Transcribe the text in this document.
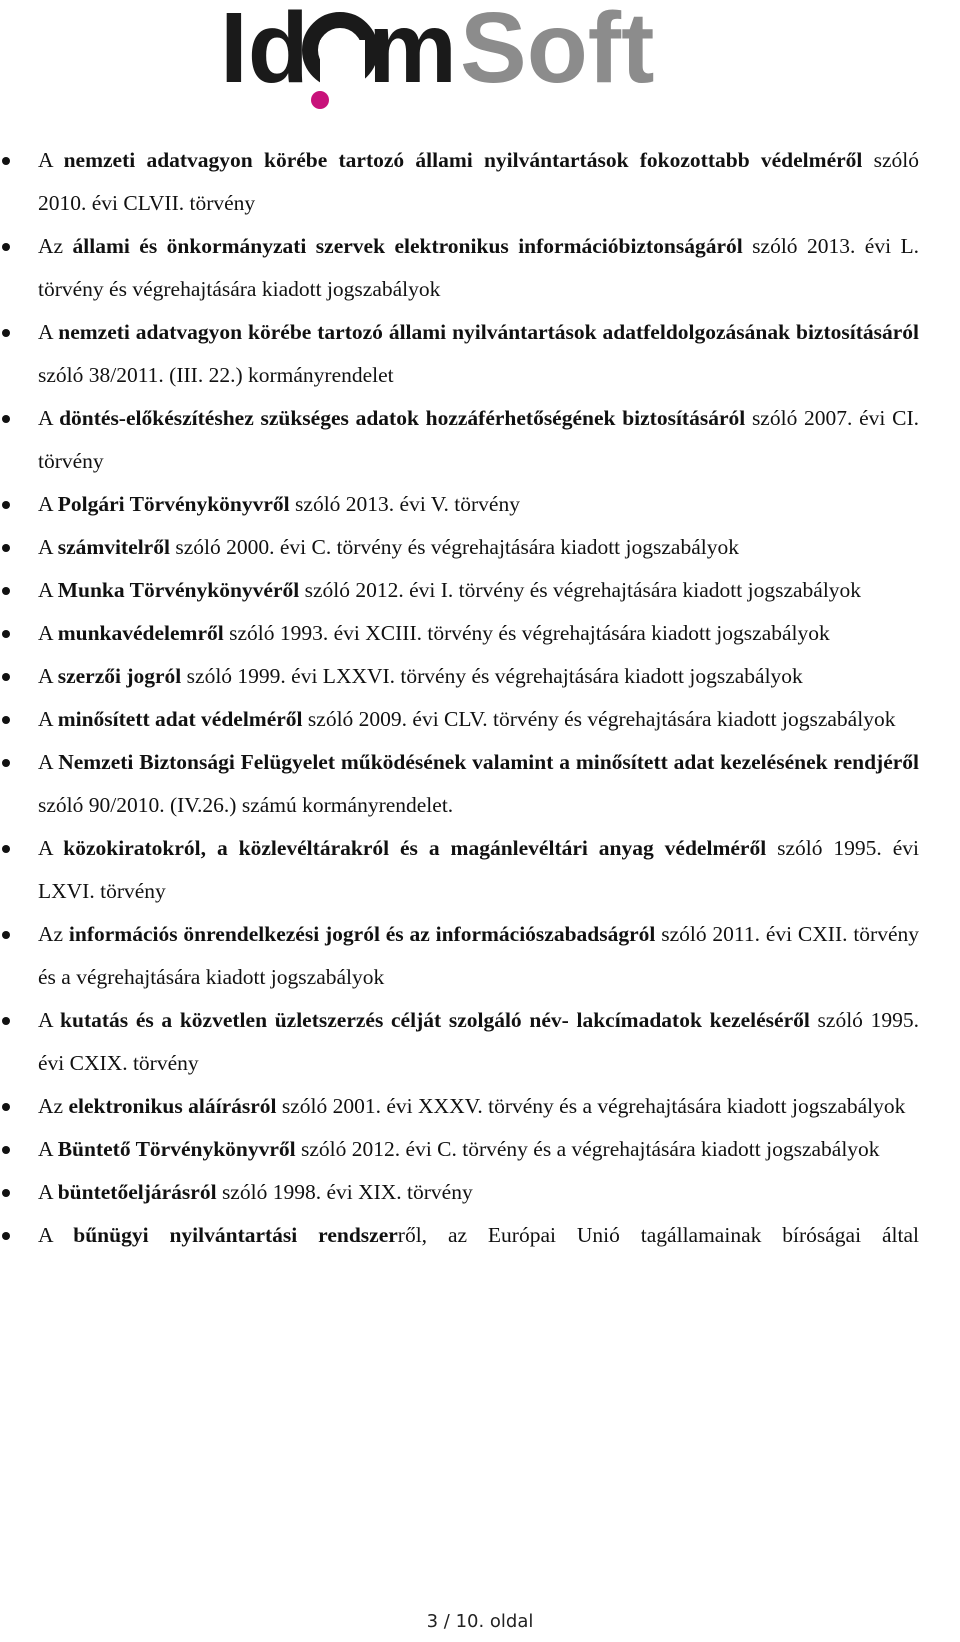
Id m Soft
A nemzeti adatvagyon körébe tartozó állami nyilvántartások fokozottabb védelméről szóló 2010. évi CLVII. törvény
Az állami és önkormányzati szervek elektronikus információbiztonságáról szóló 2013. évi L. törvény és végrehajtására kiadott jogszabályok
A nemzeti adatvagyon körébe tartozó állami nyilvántartások adatfeldolgozásának biztosításáról szóló 38/2011. (III. 22.) kormányrendelet
A döntés-előkészítéshez szükséges adatok hozzáférhetőségének biztosításáról szóló 2007. évi CI. törvény
A Polgári Törvénykönyvről szóló 2013. évi V. törvény
A számvitelről szóló 2000. évi C. törvény és végrehajtására kiadott jogszabályok
A Munka Törvénykönyvéről szóló 2012. évi I. törvény és végrehajtására kiadott jogszabályok
A munkavédelemről szóló 1993. évi XCIII. törvény és végrehajtására kiadott jogszabályok
A szerzői jogról szóló 1999. évi LXXVI. törvény és végrehajtására kiadott jogszabályok
A minősített adat védelméről szóló 2009. évi CLV. törvény és végrehajtására kiadott jogszabályok
A Nemzeti Biztonsági Felügyelet működésének valamint a minősített adat kezelésének rendjéről szóló 90/2010. (IV.26.) számú kormányrendelet.
A közokiratokról, a közlevéltárakról és a magánlevéltári anyag védelméről szóló 1995. évi LXVI. törvény
Az információs önrendelkezési jogról és az információszabadságról szóló 2011. évi CXII. törvény és a végrehajtására kiadott jogszabályok
A kutatás és a közvetlen üzletszerzés célját szolgáló név- lakcímadatok kezeléséről szóló 1995. évi CXIX. törvény
Az elektronikus aláírásról szóló 2001. évi XXXV. törvény és a végrehajtására kiadott jogszabályok
A Büntető Törvénykönyvről szóló 2012. évi C. törvény és a végrehajtására kiadott jogszabályok
A büntetőeljárásról szóló 1998. évi XIX. törvény
A bűnügyi nyilvántartási rendszerről, az Európai Unió tagállamainak bíróságai által
3 / 10. oldal
